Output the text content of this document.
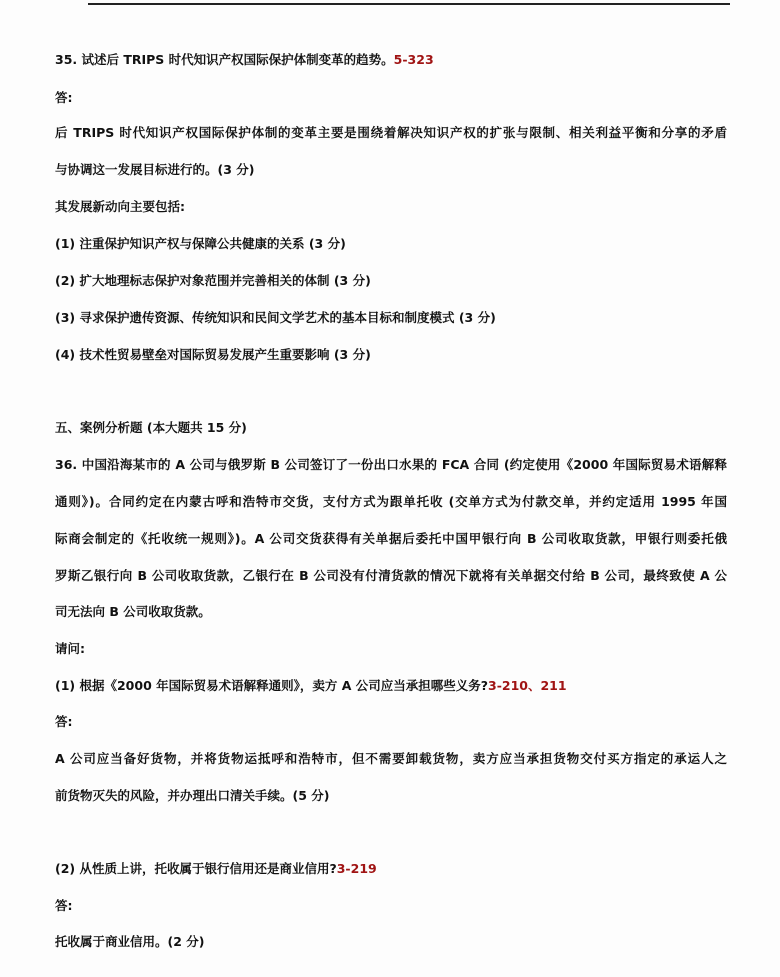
35. 试述后 TRIPS 时代知识产权国际保护体制变革的趋势。5-323
答:
后 TRIPS 时代知识产权国际保护体制的变革主要是围绕着解决知识产权的扩张与限制、相关利益平衡和分享的矛盾
与协调这一发展目标进行的。(3 分)
其发展新动向主要包括:
(1) 注重保护知识产权与保障公共健康的关系 (3 分)
(2) 扩大地理标志保护对象范围并完善相关的体制 (3 分)
(3) 寻求保护遗传资源、传统知识和民间文学艺术的基本目标和制度模式 (3 分)
(4) 技术性贸易壁垒对国际贸易发展产生重要影响 (3 分)
五、案例分析题 (本大题共 15 分)
36. 中国沿海某市的 A 公司与俄罗斯 B 公司签订了一份出口水果的 FCA 合同 (约定使用《2000 年国际贸易术语解释
通则》)。合同约定在内蒙古呼和浩特市交货，支付方式为跟单托收 (交单方式为付款交单，并约定适用 1995 年国
际商会制定的《托收统一规则》)。A 公司交货获得有关单据后委托中国甲银行向 B 公司收取货款，甲银行则委托俄
罗斯乙银行向 B 公司收取货款，乙银行在 B 公司没有付清货款的情况下就将有关单据交付给 B 公司，最终致使 A 公
司无法向 B 公司收取货款。
请问:
(1) 根据《2000 年国际贸易术语解释通则》，卖方 A 公司应当承担哪些义务?3-210、211
答:
A 公司应当备好货物，并将货物运抵呼和浩特市，但不需要卸载货物，卖方应当承担货物交付买方指定的承运人之
前货物灭失的风险，并办理出口清关手续。(5 分)
(2) 从性质上讲，托收属于银行信用还是商业信用?3-219
答:
托收属于商业信用。(2 分)
